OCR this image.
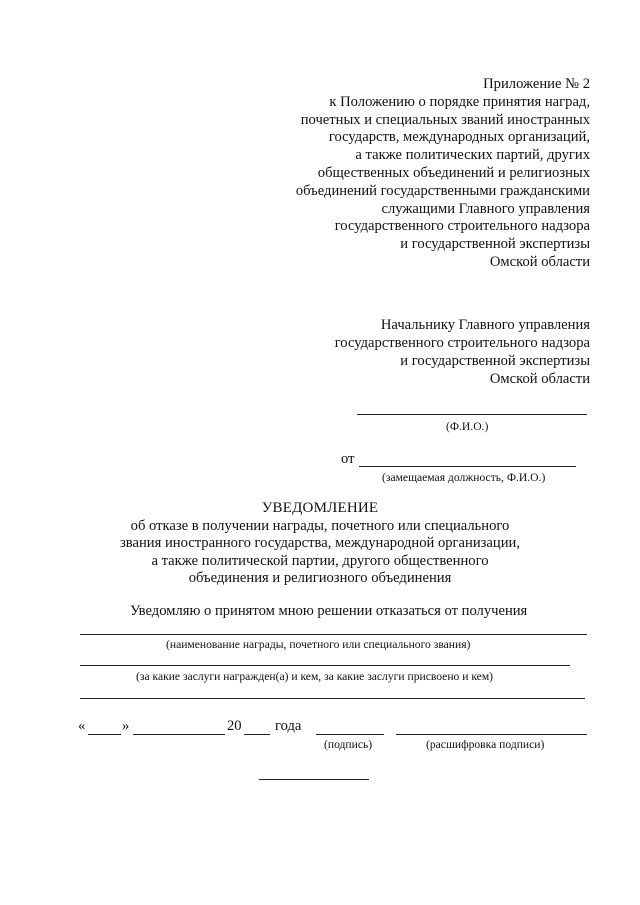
Приложение № 2
к Положению о порядке принятия наград,
почетных и специальных званий иностранных
государств, международных организаций,
а также политических партий, других
общественных объединений и религиозных
объединений государственными гражданскими
служащими Главного управления
государственного строительного надзора
и государственной экспертизы
Омской области
Начальнику Главного управления
государственного строительного надзора
и государственной экспертизы
Омской области
(Ф.И.О.)
от
(замещаемая должность, Ф.И.О.)
УВЕДОМЛЕНИЕ
об отказе в получении награды, почетного или специального
звания иностранного государства, международной организации,
а также политической партии, другого общественного
объединения и религиозного объединения
Уведомляю о принятом мною решении отказаться от получения
(наименование награды, почетного или специального звания)
(за какие заслуги награжден(а) и кем, за какие заслуги присвоено и кем)
«	»	20 года
(подпись)	(расшифровка подписи)
